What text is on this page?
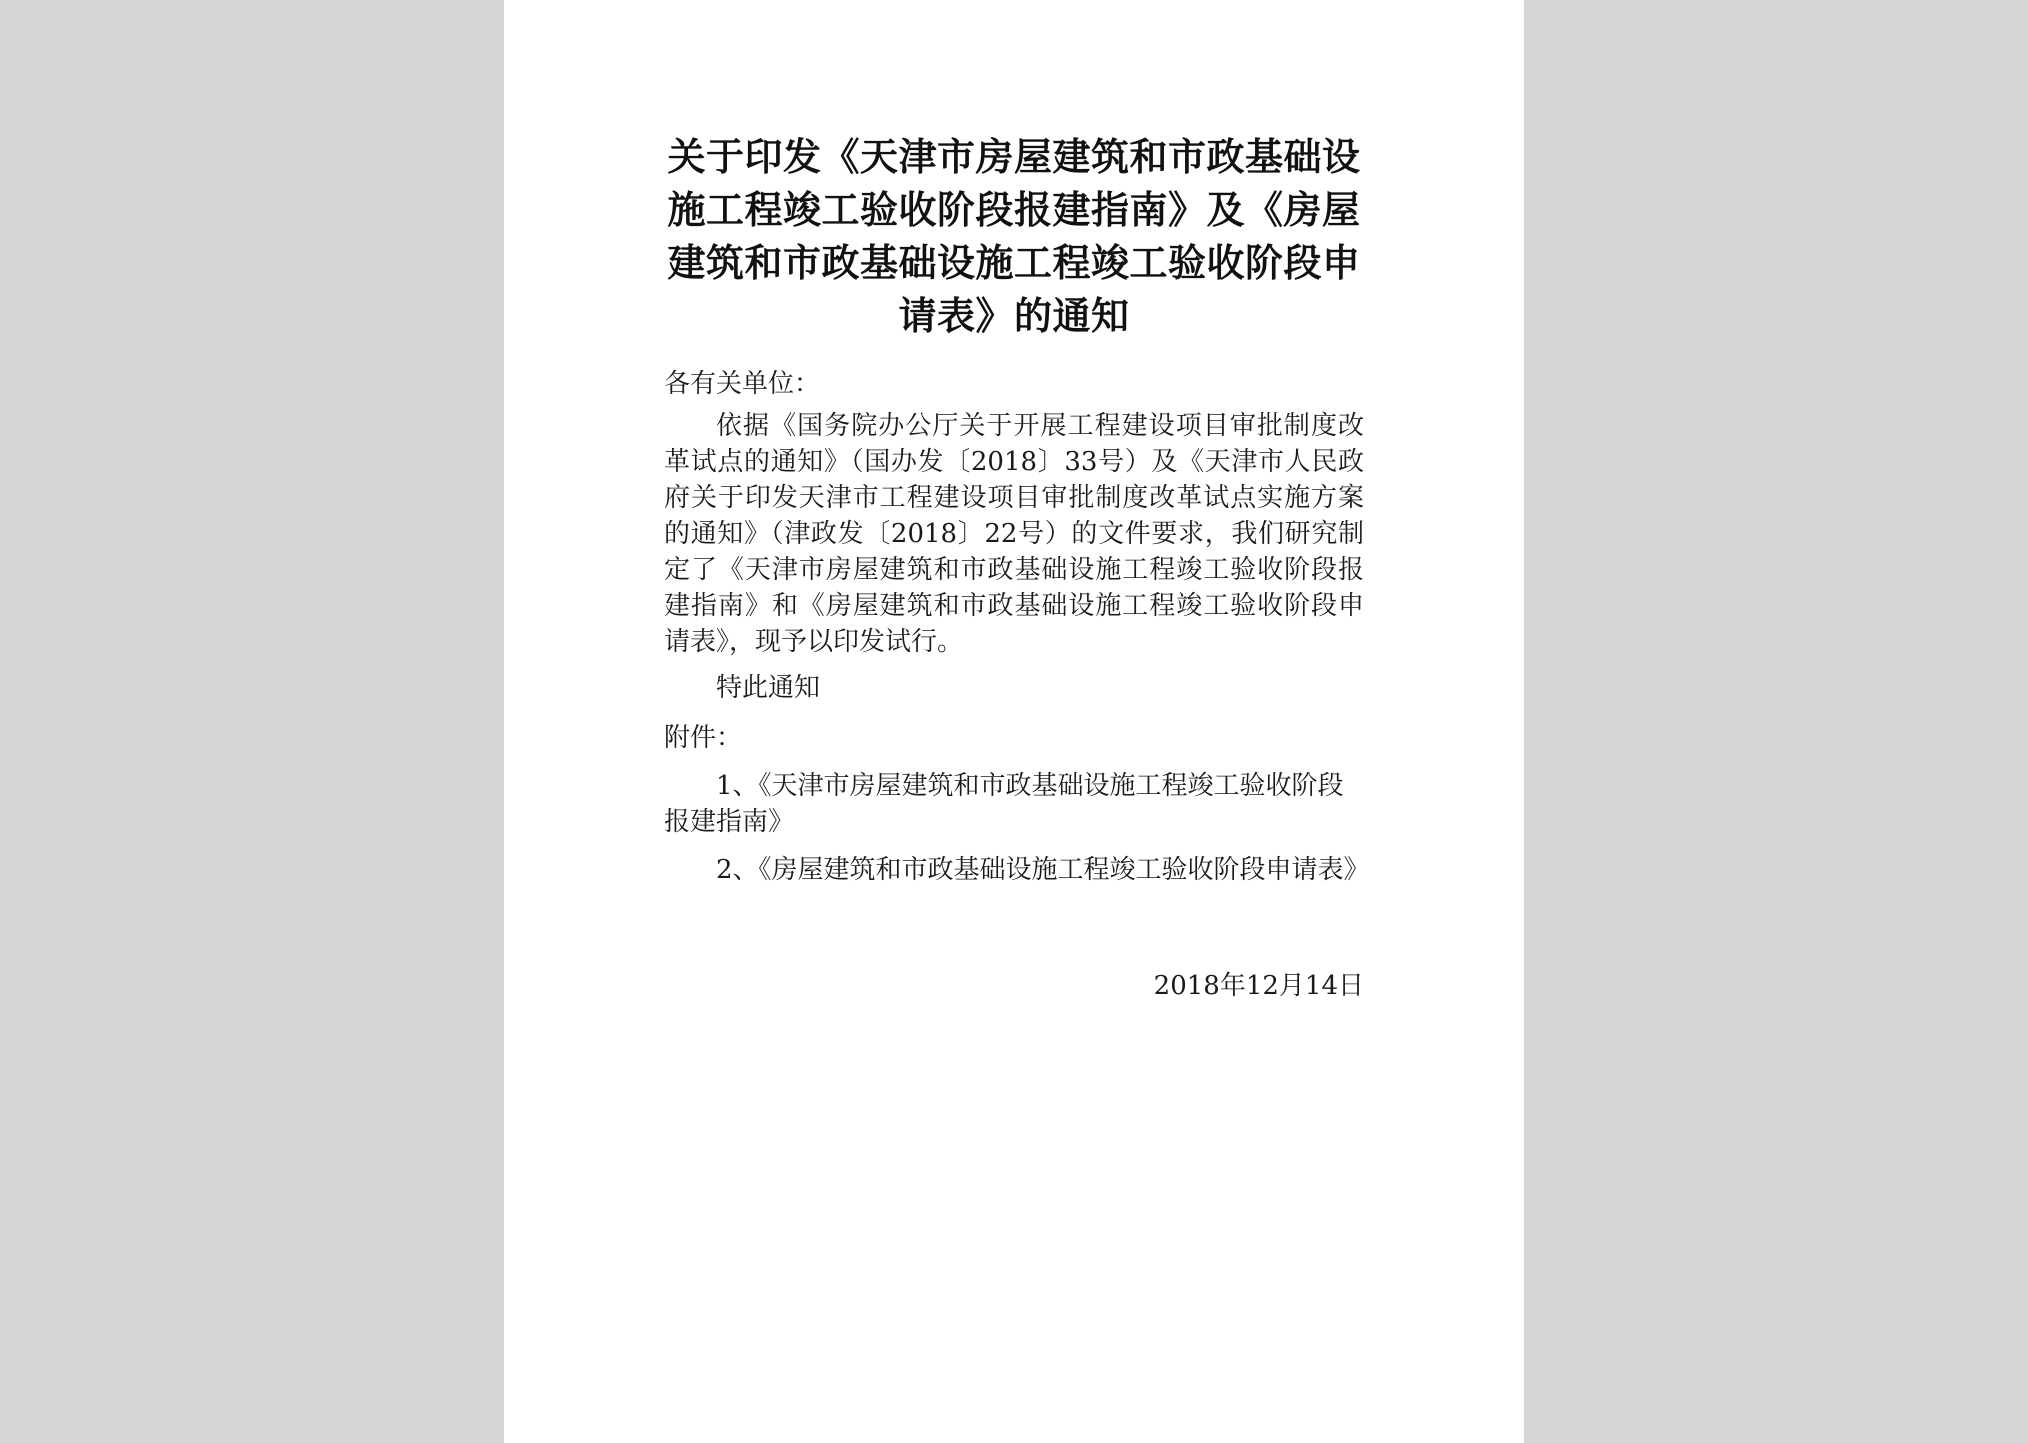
关于印发《天津市房屋建筑和市政基础设施工程竣工验收阶段报建指南》及《房屋建筑和市政基础设施工程竣工验收阶段申请表》的通知

各有关单位：

依据《国务院办公厅关于开展工程建设项目审批制度改革试点的通知》（国办发〔2018〕33号）及《天津市人民政府关于印发天津市工程建设项目审批制度改革试点实施方案的通知》（津政发〔2018〕22号）的文件要求，我们研究制定了《天津市房屋建筑和市政基础设施工程竣工验收阶段报建指南》和《房屋建筑和市政基础设施工程竣工验收阶段申请表》，现予以印发试行。

特此通知

附件：

1、《天津市房屋建筑和市政基础设施工程竣工验收阶段报建指南》

2、《房屋建筑和市政基础设施工程竣工验收阶段申请表》

2018年12月14日
